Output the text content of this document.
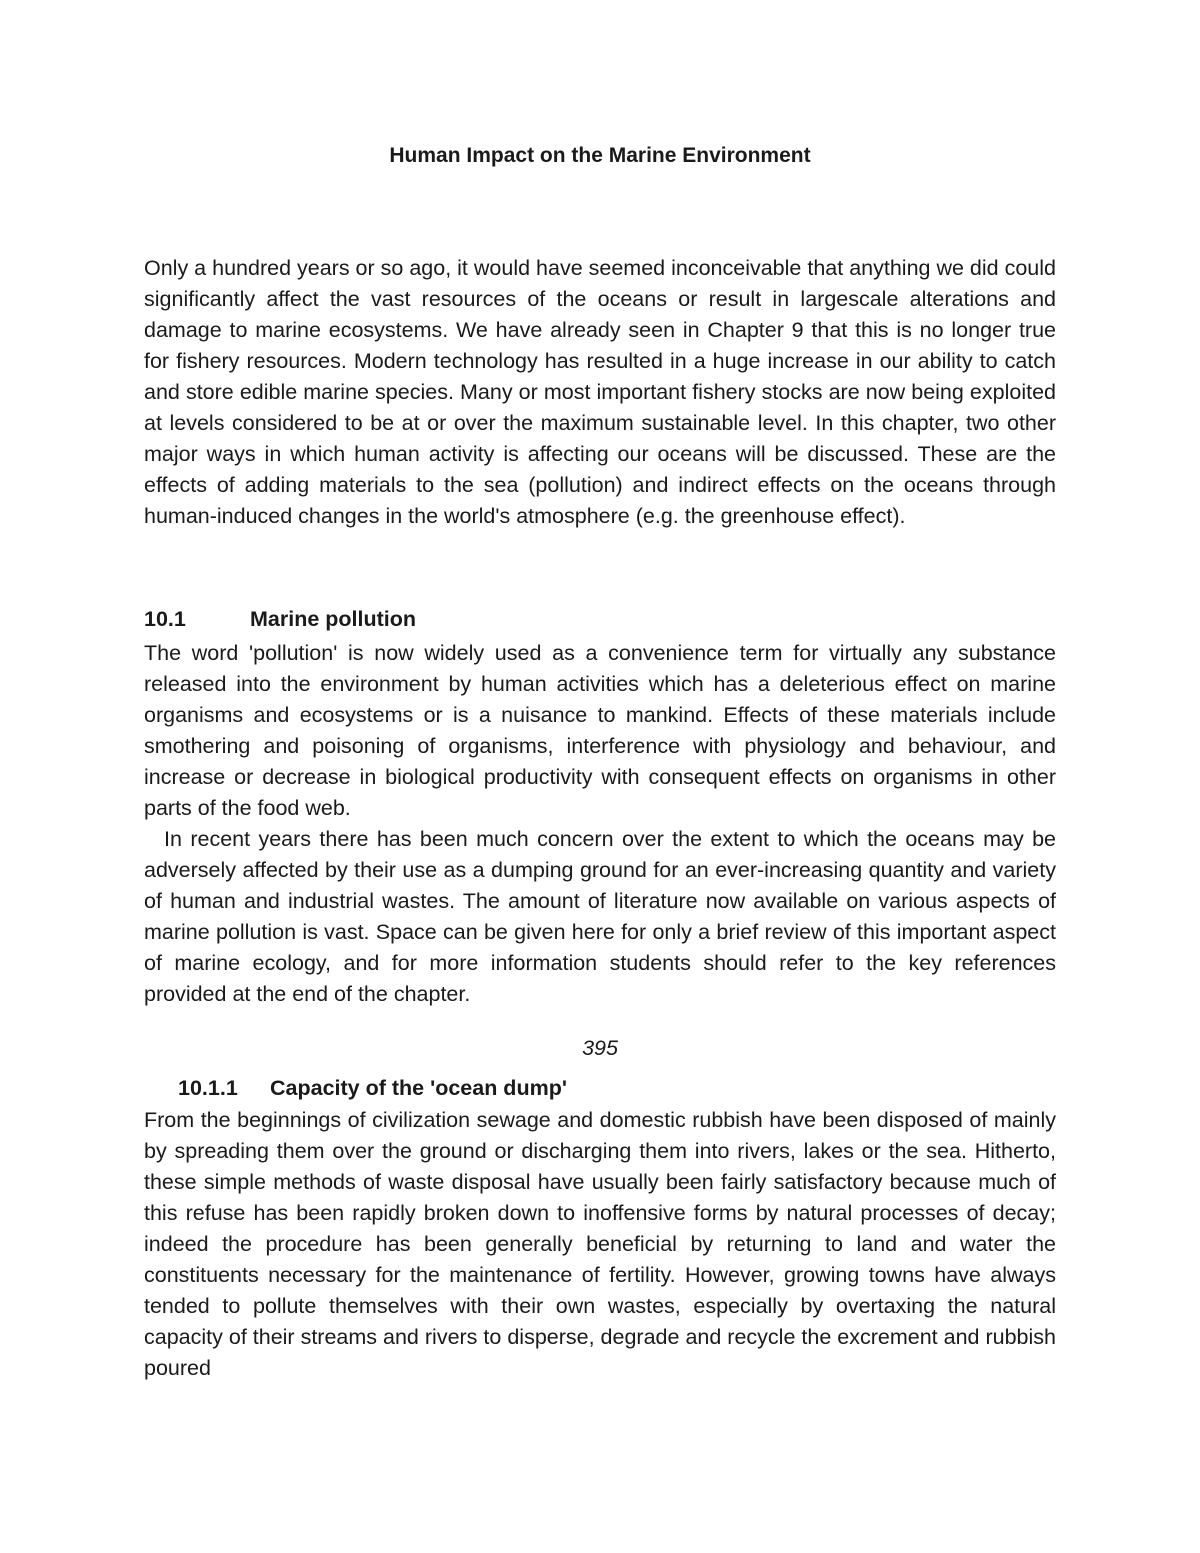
Human Impact on the Marine Environment

Only a hundred years or so ago, it would have seemed inconceivable that anything we did could significantly affect the vast resources of the oceans or result in largescale alterations and damage to marine ecosystems. We have already seen in Chapter 9 that this is no longer true for fishery resources. Modern technology has resulted in a huge increase in our ability to catch and store edible marine species. Many or most important fishery stocks are now being exploited at levels considered to be at or over the maximum sustainable level. In this chapter, two other major ways in which human activity is affecting our oceans will be discussed. These are the effects of adding materials to the sea (pollution) and indirect effects on the oceans through human-induced changes in the world's atmosphere (e.g. the greenhouse effect).

10.1	Marine pollution

The word 'pollution' is now widely used as a convenience term for virtually any substance released into the environment by human activities which has a deleterious effect on marine organisms and ecosystems or is a nuisance to mankind. Effects of these materials include smothering and poisoning of organisms, interference with physiology and behaviour, and increase or decrease in biological productivity with consequent effects on organisms in other parts of the food web.

In recent years there has been much concern over the extent to which the oceans may be adversely affected by their use as a dumping ground for an ever-increasing quantity and variety of human and industrial wastes. The amount of literature now available on various aspects of marine pollution is vast. Space can be given here for only a brief review of this important aspect of marine ecology, and for more information students should refer to the key references provided at the end of the chapter.

395
10.1.1 Capacity of the 'ocean dump'

From the beginnings of civilization sewage and domestic rubbish have been disposed of mainly by spreading them over the ground or discharging them into rivers, lakes or the sea. Hitherto, these simple methods of waste disposal have usually been fairly satisfactory because much of this refuse has been rapidly broken down to inoffensive forms by natural processes of decay; indeed the procedure has been generally beneficial by returning to land and water the constituents necessary for the maintenance of fertility. However, growing towns have always tended to pollute themselves with their own wastes, especially by overtaxing the natural capacity of their streams and rivers to disperse, degrade and recycle the excrement and rubbish poured
